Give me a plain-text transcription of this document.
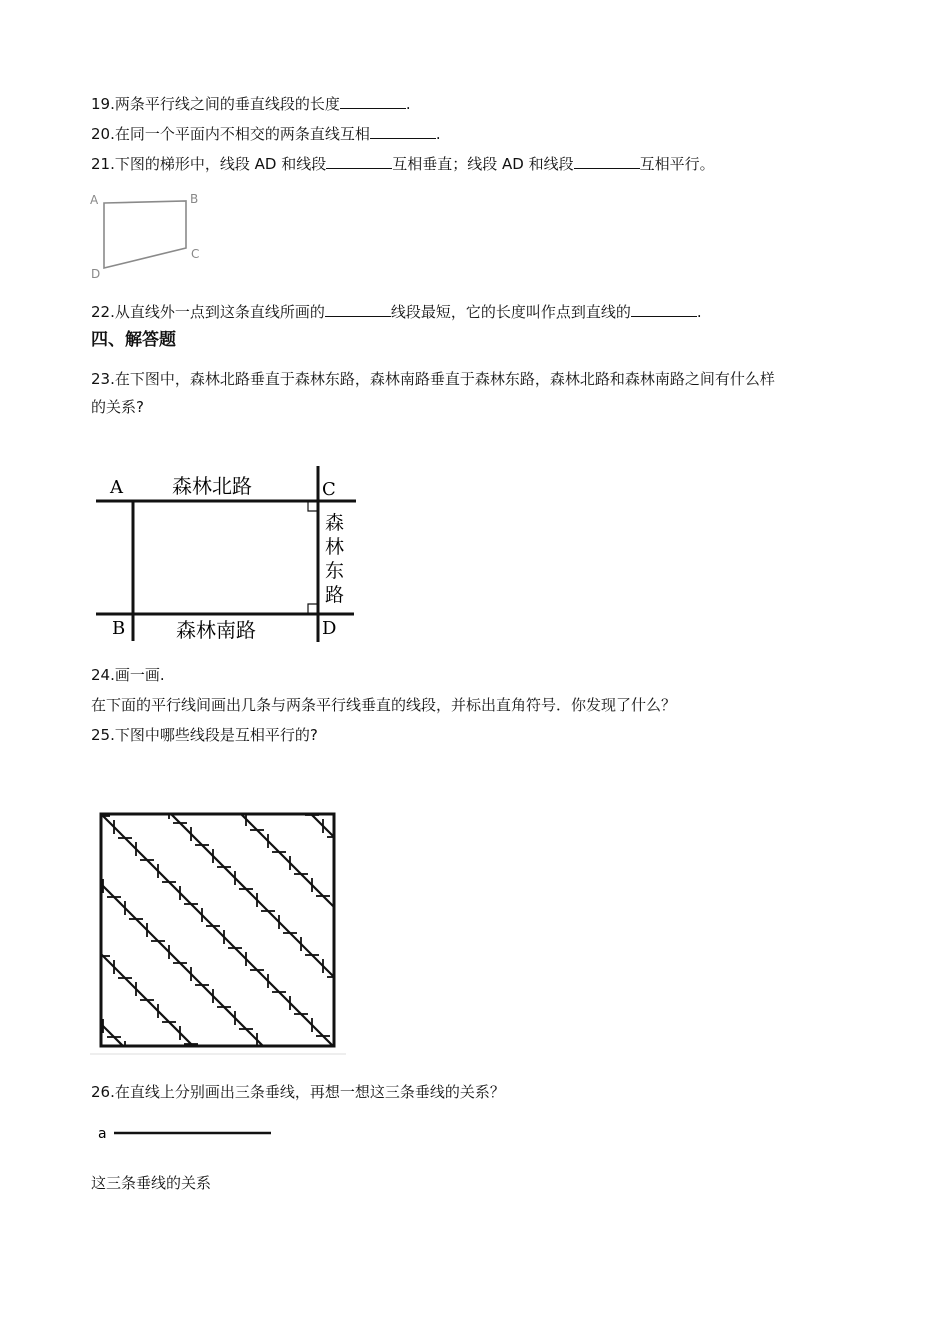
19.两条平行线之间的垂直线段的长度	.
20.在同一个平面内不相交的两条直线互相	.
21.下图的梯形中，线段 AD 和线段	互相垂直；线段 AD 和线段	互相平行。
A	B
C
D
22.从直线外一点到这条直线所画的	线段最短，它的长度叫作点到直线的	.
四、解答题
23.在下图中，森林北路垂直于森林东路，森林南路垂直于森林东路，森林北路和森林南路之间有什么样
的关系?
A	C
B	D
森林北路
森林南路
森
林
东
路
24.画一画.
在下面的平行线间画出几条与两条平行线垂直的线段，并标出直角符号．你发现了什么？
25.下图中哪些线段是互相平行的?
26.在直线上分别画出三条垂线，再想一想这三条垂线的关系？
a
这三条垂线的关系
